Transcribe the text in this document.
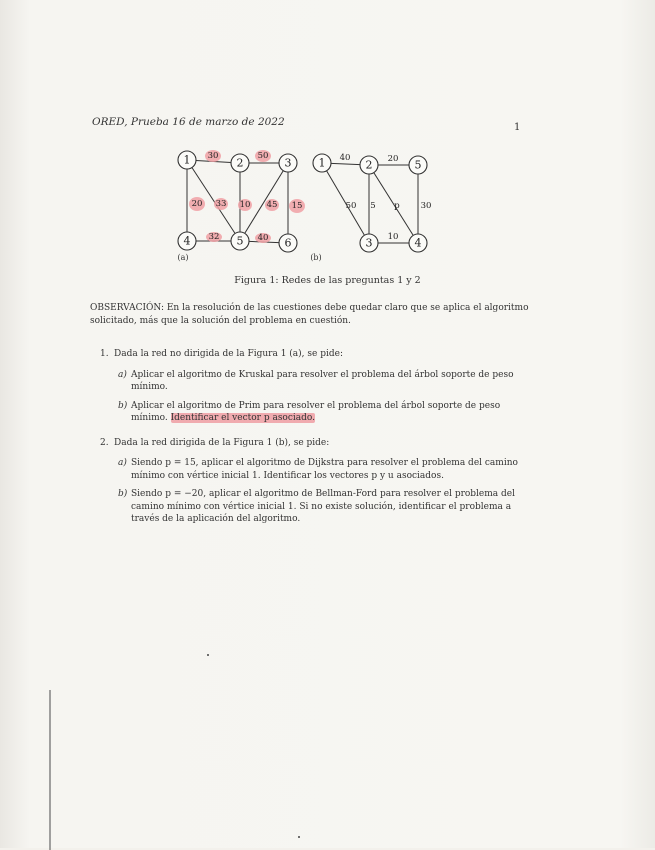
ORED, Prueba 16 de marzo de 2022	1
30	50
20 33 10 45 15
32	40
1	2	3
4	5	6
(a)
40	20
50 5 p 30
10
1	2
3	4
5
(b)
Figura 1: Redes de las preguntas 1 y 2
OBSERVACIÓN: En la resolución de las cuestiones debe quedar claro que se aplica el algoritmo solicitado, más que la solución del problema en cuestión.
1. Dada la red no dirigida de la Figura 1 (a), se pide:
a) Aplicar el algoritmo de Kruskal para resolver el problema del árbol soporte de peso mínimo.
b) Aplicar el algoritmo de Prim para resolver el problema del árbol soporte de peso mínimo. Identificar el vector p asociado.
2. Dada la red dirigida de la Figura 1 (b), se pide:
a) Siendo p = 15, aplicar el algoritmo de Dijkstra para resolver el problema del camino mínimo con vértice inicial 1. Identificar los vectores p y u asociados.
b) Siendo p = −20, aplicar el algoritmo de Bellman-Ford para resolver el problema del camino mínimo con vértice inicial 1. Si no existe solución, identificar el problema a través de la aplicación del algoritmo.
